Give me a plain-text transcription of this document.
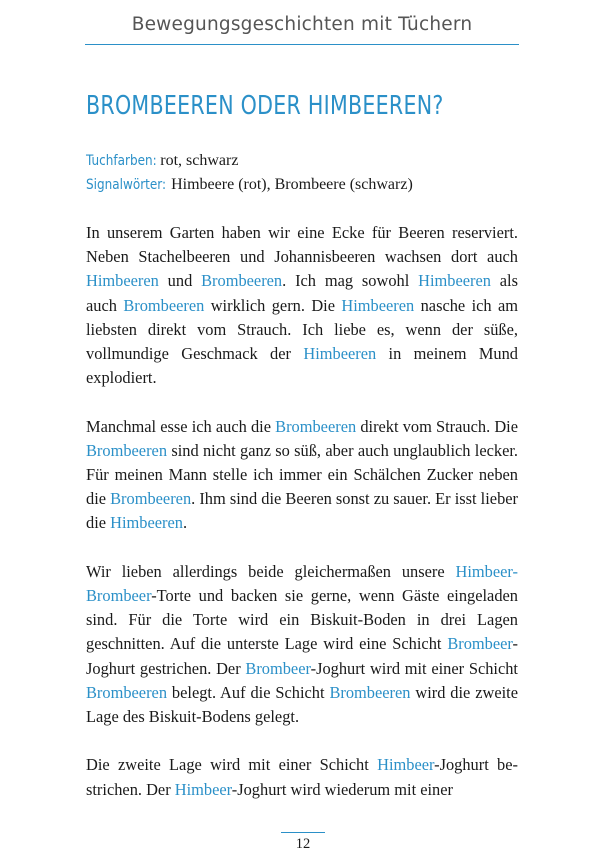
Bewegungsgeschichten mit Tüchern
BROMBEEREN ODER HIMBEEREN?
Tuchfarben: rot, schwarz
Signalwörter: Himbeere (rot), Brombeere (schwarz)

In unserem Garten haben wir eine Ecke für Beeren reserviert. Neben Stachelbeeren und Johannisbeeren wachsen dort auch Himbeeren und Brombeeren. Ich mag sowohl Himbeeren als auch Brombeeren wirklich gern. Die Himbeeren nasche ich am liebsten direkt vom Strauch. Ich liebe es, wenn der süße, vollmundige Geschmack der Himbeeren in meinem Mund explodiert.

Manchmal esse ich auch die Brombeeren direkt vom Strauch. Die Brombeeren sind nicht ganz so süß, aber auch unglaublich lecker. Für meinen Mann stelle ich immer ein Schälchen Zucker neben die Brombeeren. Ihm sind die Beeren sonst zu sauer. Er isst lieber die Himbeeren.

Wir lieben allerdings beide gleichermaßen unsere Himbeer-Brombeer-Torte und backen sie gerne, wenn Gäste eingeladen sind. Für die Torte wird ein Biskuit-Boden in drei Lagen geschnitten. Auf die unterste Lage wird eine Schicht Brombeer-Joghurt gestrichen. Der Brombeer-Joghurt wird mit einer Schicht Brombeeren belegt. Auf die Schicht Brombeeren wird die zweite Lage des Biskuit-Bodens gelegt.

Die zweite Lage wird mit einer Schicht Himbeer-Joghurt bestrichen. Der Himbeer-Joghurt wird wiederum mit einer

12
